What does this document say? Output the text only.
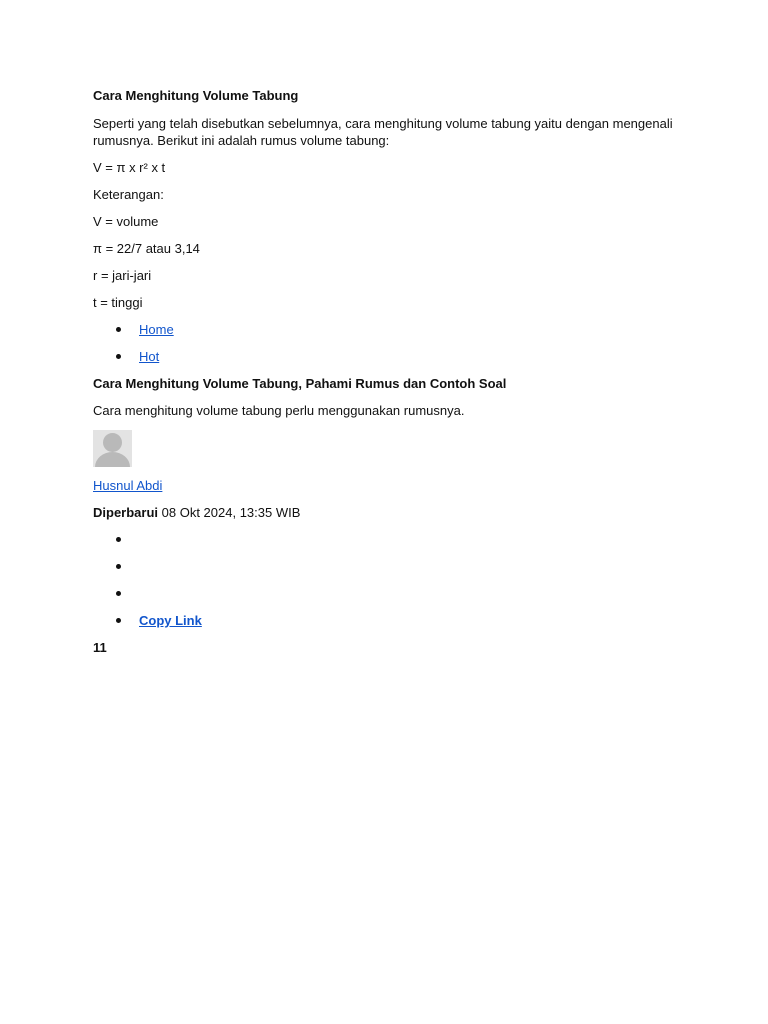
Cara Menghitung Volume Tabung

Seperti yang telah disebutkan sebelumnya, cara menghitung volume tabung yaitu dengan mengenali
rumusnya. Berikut ini adalah rumus volume tabung:

V = π x r² x t

Keterangan:

V = volume

π = 22/7 atau 3,14

r = jari-jari

t = tinggi

Home
Hot

Cara Menghitung Volume Tabung, Pahami Rumus dan Contoh Soal

Cara menghitung volume tabung perlu menggunakan rumusnya.

Husnul Abdi

Diperbarui 08 Okt 2024, 13:35 WIB

Copy Link

11
